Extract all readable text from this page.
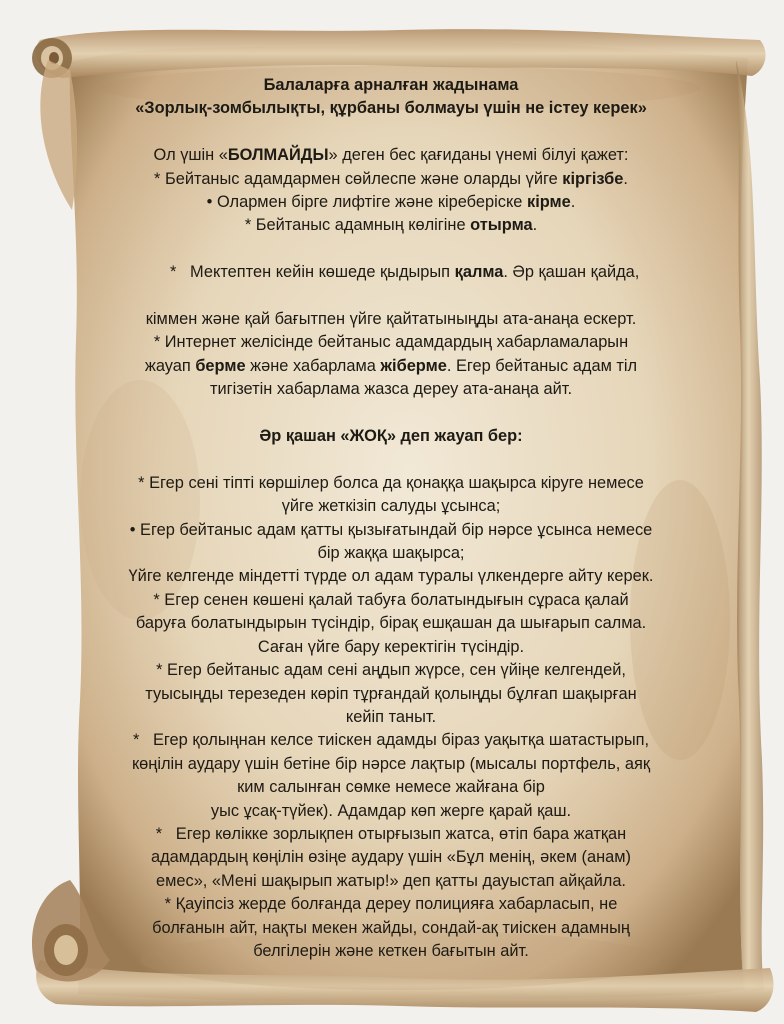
Балаларға арналған жадынама

«Зорлық-зомбылықты, құрбаны болмауы үшін не істеу керек»

Ол үшін «БОЛМАЙДЫ» деген бес қағиданы үнемі білуі қажет:

* Бейтаныс адамдармен сөйлеспе және оларды үйге кіргізбе.

• Олармен бірге лифтіге және кіреберіске кірме.

* Бейтаныс адамның көлігіне отырма.

*   Мектептен кейін көшеде қыдырып қалма. Әр қашан қайда,

кіммен және қай бағытпен үйге қайтатыныңды ата-анаңа ескерт.

* Интернет желісінде бейтаныс адамдардың хабарламаларын

жауап берме және хабарлама жіберме. Егер бейтаныс адам тіл

тигізетін хабарлама жазса дереу ата-анаңа айт.

Әр қашан «ЖОҚ» деп жауап бер:

* Егер сені тіпті көршілер болса да қонаққа шақырса кіруге немесе

үйге жеткізіп салуды ұсынса;

• Егер бейтаныс адам қатты қызығатындай бір нәрсе ұсынса немесе

бір жаққа шақырса;

Үйге келгенде міндетті түрде ол адам туралы үлкендерге айту керек.

* Егер сенен көшені қалай табуға болатындығын сұраса қалай

баруға болатындырын түсіндір, бірақ ешқашан да шығарып салма.

Саған үйге бару керектігін түсіндір.

* Егер бейтаныс адам сені аңдып жүрсе, сен үйіңе келгендей,

туысыңды терезеден көріп тұрғандай қолыңды бұлғап шақырған

кейіп таныт.

*   Егер қолыңнан келсе тиіскен адамды біраз уақытқа шатастырып,

көңілін аудару үшін бетіне бір нәрсе лақтыр (мысалы портфель, аяқ

ким салынған сөмке немесе жайғана бір

уыс ұсақ-түйек). Адамдар көп жерге қарай қаш.

*   Егер көлікке зорлықпен отырғызып жатса, өтіп бара жатқан

адамдардың көңілін өзіңе аудару үшін «Бұл менің, әкем (анам)

емес», «Мені шақырып жатыр!» деп қатты дауыстап айқайла.

* Қауіпсіз жерде болғанда дереу полицияға хабарласып, не

болғанын айт, нақты мекен жайды, сондай-ақ тиіскен адамның

белгілерін және кеткен бағытын айт.
